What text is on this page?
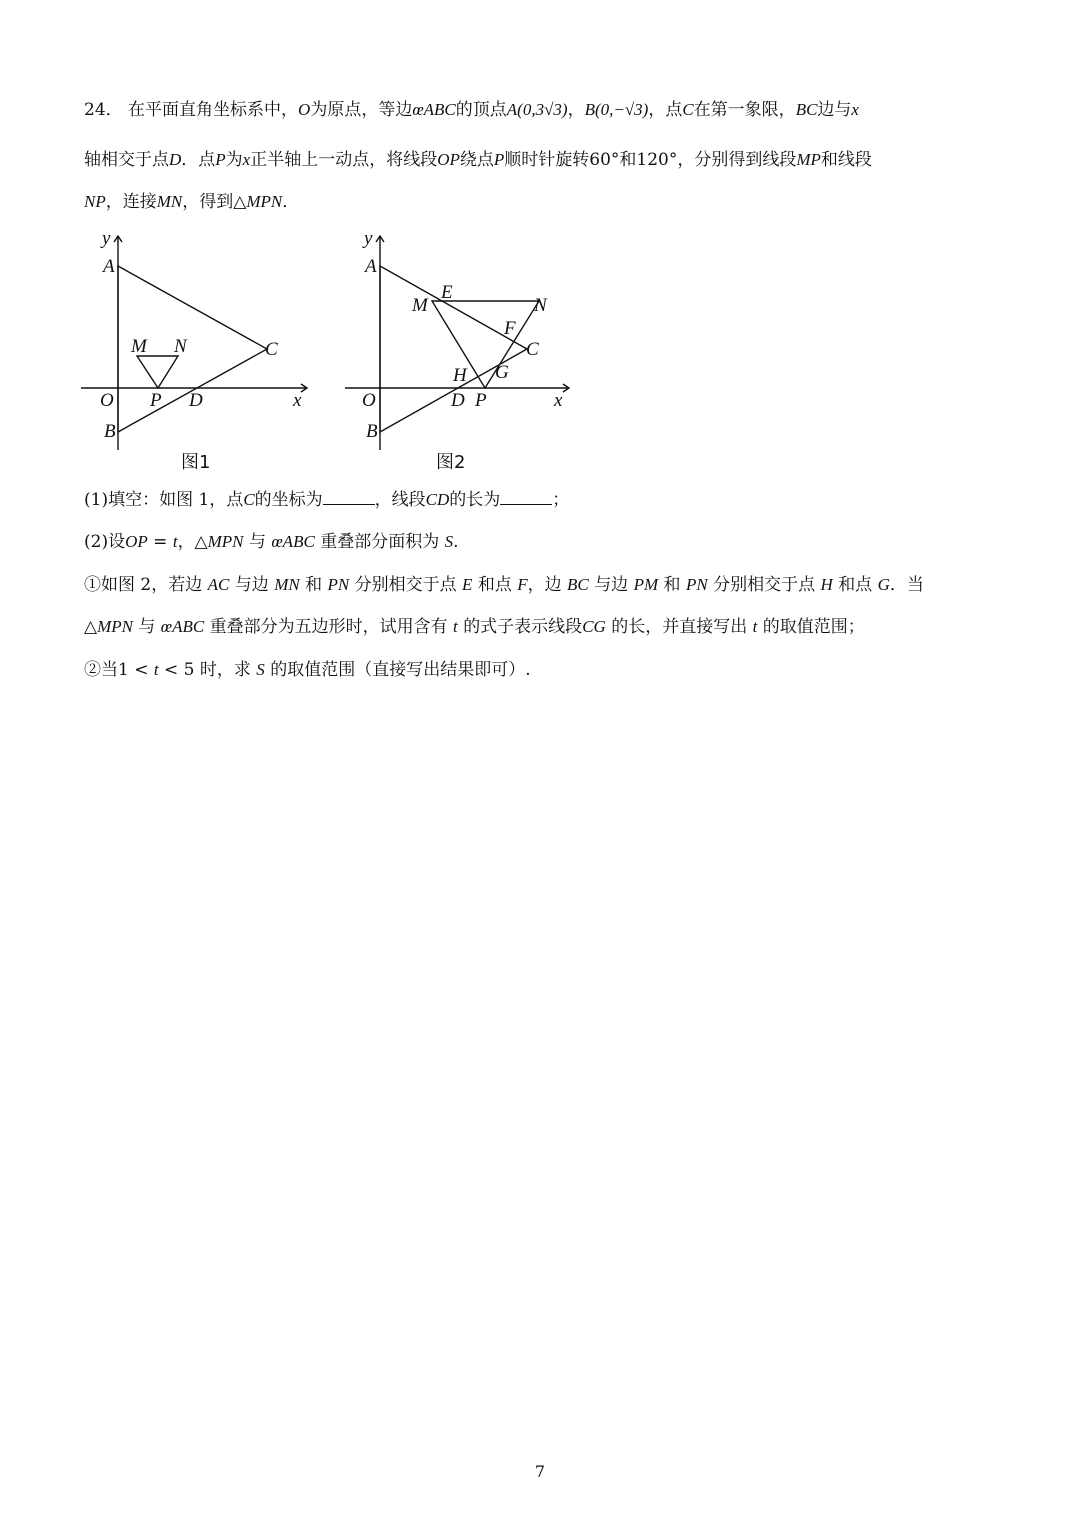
24． 在平面直角坐标系中，O为原点，等边œABC的顶点A(0,3√3)，B(0,−√3)，点C在第一象限，BC边与x
轴相交于点D．点P为x正半轴上一动点，将线段OP绕点P顺时针旋转60°和120°，分别得到线段MP和线段
NP，连接MN，得到△MPN．
y
A
M N	C
O P D	x
B
图1
y
A
E
M	N
F
C
H G
O	D P	x
B
图2
(1)填空：如图 1，点C的坐标为	，线段CD的长为	；
(2)设OP = t，△MPN 与 œABC 重叠部分面积为 S.
①如图 2，若边 AC 与边 MN 和 PN 分别相交于点 E 和点 F，边 BC 与边 PM 和 PN 分别相交于点 H 和点 G．当
△MPN 与 œABC 重叠部分为五边形时，试用含有 t 的式子表示线段CG 的长，并直接写出 t 的取值范围；
②当1 < t < 5 时，求 S 的取值范围（直接写出结果即可）.
7
